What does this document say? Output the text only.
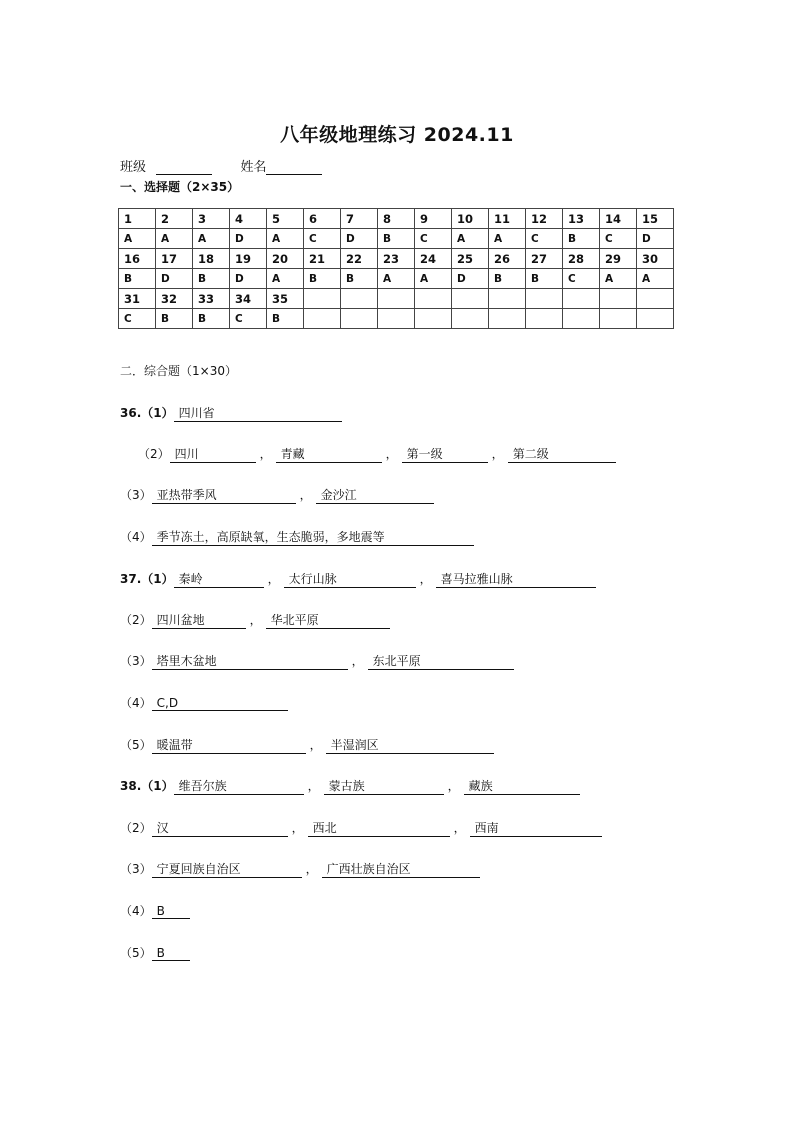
八年级地理练习 2024.11
班级	姓名
一、选择题（2×35）
1	2	3	4	5	6	7	8	9	10	11	12	13	14	15
A	A	A	D	A	C	D	B	C	A	A	C	B	C	D
16	17	18	19	20	21	22	23	24	25	26	27	28	29	30
B	D	B	D	A	B	B	A	A	D	B	B	C	A	A
31	32	33	34	35										
C	B	B	C	B										
二．综合题（1×30）
36.（1） 四川省
（2） 四川	， 青藏	， 第一级	， 第二级
（3） 亚热带季风	， 金沙江
（4） 季节冻土，高原缺氧，生态脆弱，多地震等
37.（1） 秦岭	， 太行山脉	， 喜马拉雅山脉
（2） 四川盆地	， 华北平原
（3） 塔里木盆地	， 东北平原
（4） C,D
（5） 暖温带	， 半湿润区
38.（1） 维吾尔族	， 蒙古族	， 藏族
（2） 汉	， 西北	， 西南
（3） 宁夏回族自治区	， 广西壮族自治区
（4） B
（5） B
